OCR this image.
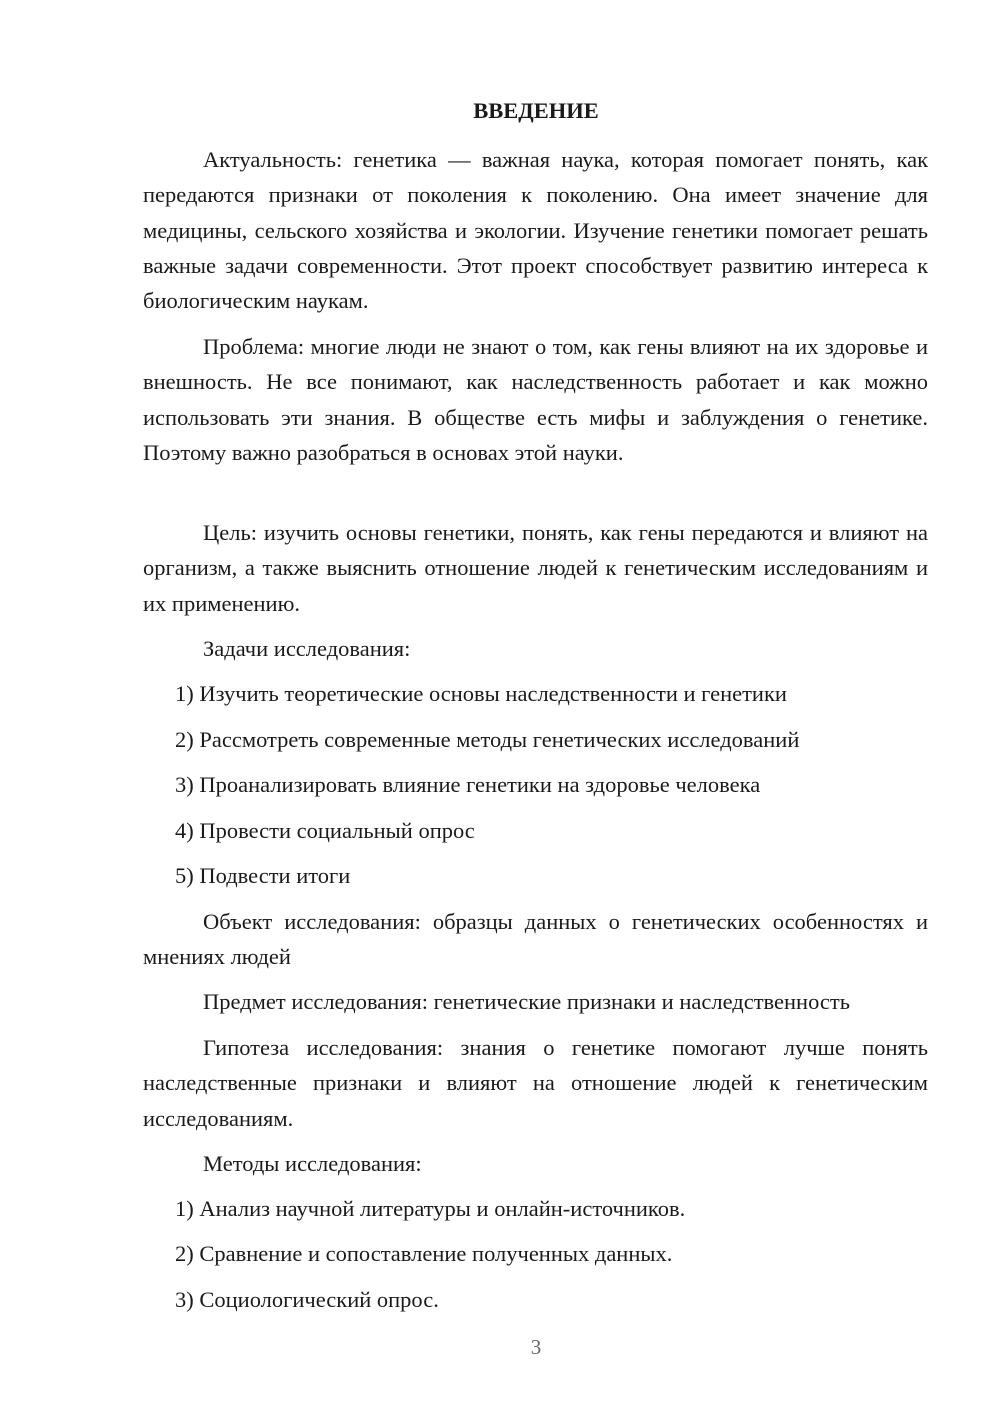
ВВЕДЕНИЕ

Актуальность: генетика — важная наука, которая помогает понять, как передаются признаки от поколения к поколению. Она имеет значение для медицины, сельского хозяйства и экологии. Изучение генетики помогает решать важные задачи современности. Этот проект способствует развитию интереса к биологическим наукам.

Проблема: многие люди не знают о том, как гены влияют на их здоровье и внешность. Не все понимают, как наследственность работает и как можно использовать эти знания. В обществе есть мифы и заблуждения о генетике. Поэтому важно разобраться в основах этой науки.

Цель: изучить основы генетики, понять, как гены передаются и влияют на организм, а также выяснить отношение людей к генетическим исследованиям и их применению.

Задачи исследования:
1) Изучить теоретические основы наследственности и генетики
2) Рассмотреть современные методы генетических исследований
3) Проанализировать влияние генетики на здоровье человека
4) Провести социальный опрос
5) Подвести итоги

Объект исследования: образцы данных о генетических особенностях и мнениях людей

Предмет исследования: генетические признаки и наследственность

Гипотеза исследования: знания о генетике помогают лучше понять наследственные признаки и влияют на отношение людей к генетическим исследованиям.

Методы исследования:
1) Анализ научной литературы и онлайн-источников.
2) Сравнение и сопоставление полученных данных.
3) Социологический опрос.
3
